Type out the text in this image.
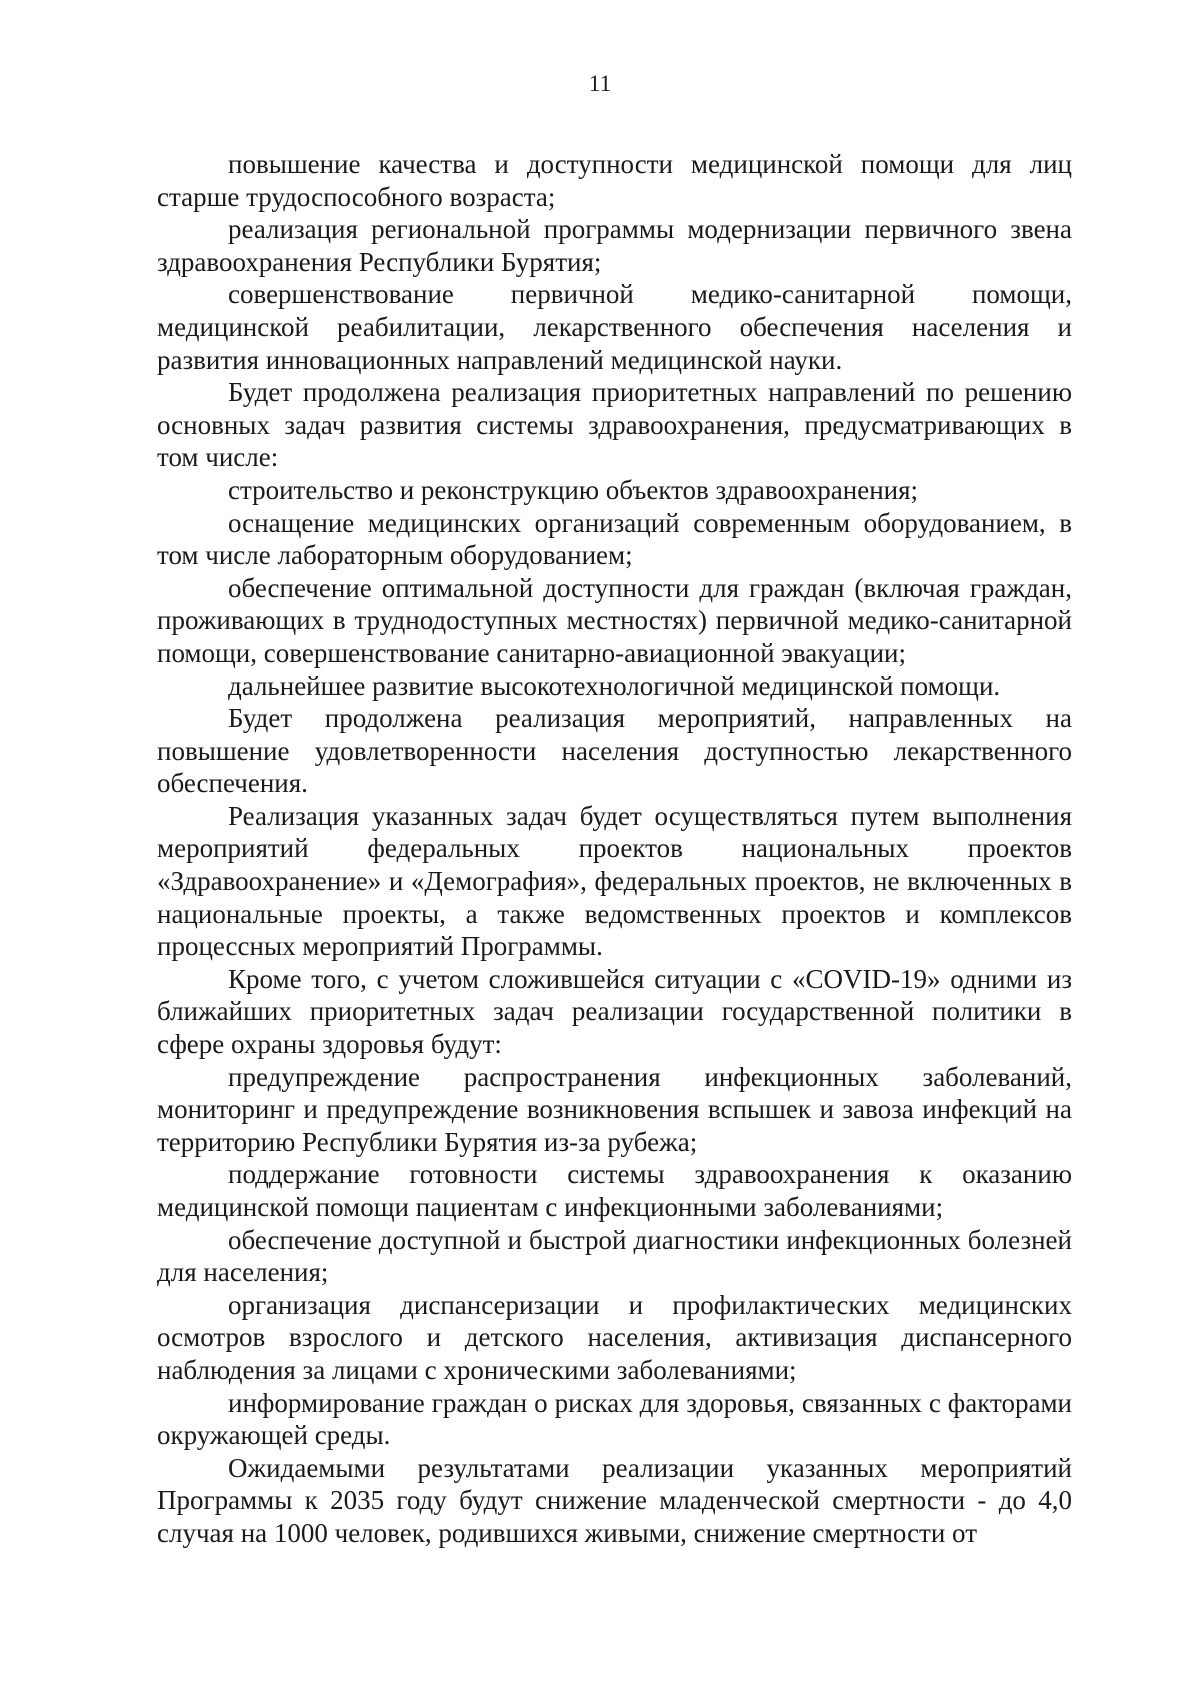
11

повышение качества и доступности медицинской помощи для лиц старше трудоспособного возраста;

реализация региональной программы модернизации первичного звена здравоохранения Республики Бурятия;

совершенствование первичной медико-санитарной помощи, медицинской реабилитации, лекарственного обеспечения населения и развития инновационных направлений медицинской науки.

Будет продолжена реализация приоритетных направлений по решению основных задач развития системы здравоохранения, предусматривающих в том числе:

строительство и реконструкцию объектов здравоохранения;

оснащение медицинских организаций современным оборудованием, в том числе лабораторным оборудованием;

обеспечение оптимальной доступности для граждан (включая граждан, проживающих в труднодоступных местностях) первичной медико-санитарной помощи, совершенствование санитарно-авиационной эвакуации;

дальнейшее развитие высокотехнологичной медицинской помощи.

Будет продолжена реализация мероприятий, направленных на повышение удовлетворенности населения доступностью лекарственного обеспечения.

Реализация указанных задач будет осуществляться путем выполнения мероприятий федеральных проектов национальных проектов «Здравоохранение» и «Демография», федеральных проектов, не включенных в национальные проекты, а также ведомственных проектов и комплексов процессных мероприятий Программы.

Кроме того, с учетом сложившейся ситуации с «COVID-19» одними из ближайших приоритетных задач реализации государственной политики в сфере охраны здоровья будут:

предупреждение распространения инфекционных заболеваний, мониторинг и предупреждение возникновения вспышек и завоза инфекций на территорию Республики Бурятия из-за рубежа;

поддержание готовности системы здравоохранения к оказанию медицинской помощи пациентам с инфекционными заболеваниями;

обеспечение доступной и быстрой диагностики инфекционных болезней для населения;

организация диспансеризации и профилактических медицинских осмотров взрослого и детского населения, активизация диспансерного наблюдения за лицами с хроническими заболеваниями;

информирование граждан о рисках для здоровья, связанных с факторами окружающей среды.

Ожидаемыми результатами реализации указанных мероприятий Программы к 2035 году будут снижение младенческой смертности - до 4,0 случая на 1000 человек, родившихся живыми, снижение смертности от
